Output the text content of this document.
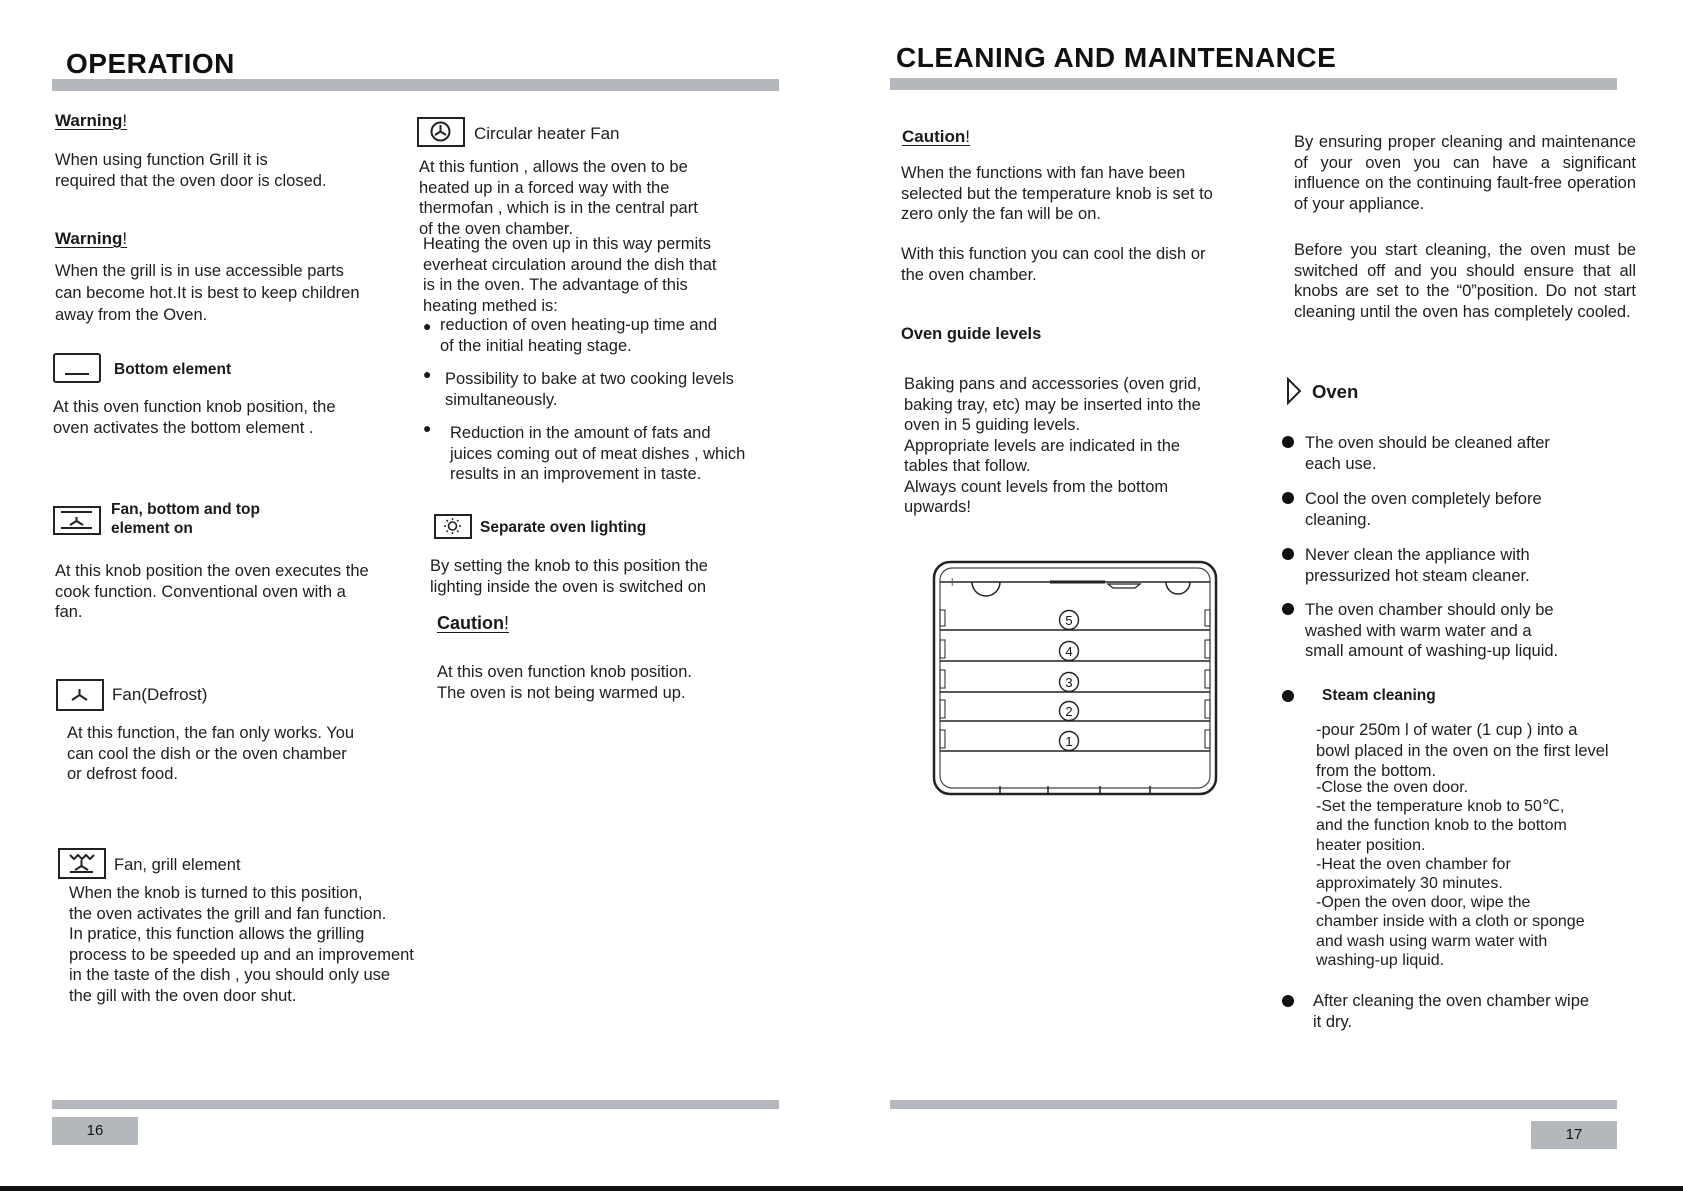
OPERATION
Warning!
When using function Grill it is
required that the oven door is closed.
Warning!
When the grill is in use accessible parts
can become hot.It is best to keep children
away from the Oven.
Bottom element
At this oven function knob position, the
oven activates the bottom element .
Fan, bottom and top
element on
At this knob position the oven executes the
cook function. Conventional oven with a
fan.
Fan(Defrost)
At this function, the fan only works. You
can cool the dish or the oven chamber
or defrost food.
Fan, grill element
When the knob is turned to this position,
the oven activates the grill and fan function.
In pratice, this function allows the grilling
process to be speeded up and an improvement
in the taste of the dish , you should only use
the gill with the oven door shut.
Circular heater Fan
At this funtion , allows the oven to be
heated up in a forced way with the
thermofan , which is in the central part
of the oven chamber.
Heating the oven up in this way permits
everheat circulation around the dish that
is in the oven. The advantage of this
heating methed is:
● reduction of oven heating-up time and
of the initial heating stage.
● Possibility to bake at two cooking levels
simultaneously.
● Reduction in the amount of fats and
juices coming out of meat dishes , which
results in an improvement in taste.
Separate oven lighting
By setting the knob to this position the
lighting inside the oven is switched on
Caution!
At this oven function knob position.
The oven is not being warmed up.
16
CLEANING AND MAINTENANCE
Caution!
When the functions with fan have been
selected but the temperature knob is set to
zero only the fan will be on.
With this function you can cool the dish or
the oven chamber.
Oven guide levels
Baking pans and accessories (oven grid,
baking tray, etc) may be inserted into the
oven in 5 guiding levels.
Appropriate levels are indicated in the
tables that follow.
Always count levels from the bottom
upwards!
⊹
5
4
3
2
1
By ensuring proper cleaning and maintenance of your oven you can have a significant influence on the continuing fault-free operation of your appliance.
Before you start cleaning, the oven must be switched off and you should ensure that all knobs are set to the “0”position. Do not start cleaning until the oven has completely cooled.
Oven
The oven should be cleaned after
each use.
Cool the oven completely before
cleaning.
Never clean the appliance with
pressurized hot steam cleaner.
The oven chamber should only be
washed with warm water and a
small amount of washing-up liquid.
Steam cleaning
-pour 250m l of water (1 cup ) into a
bowl placed in the oven on the first level
from the bottom.
-Close the oven door.
-Set the temperature knob to 50℃,
and the function knob to the bottom
heater position.
-Heat the oven chamber for
approximately 30 minutes.
-Open the oven door, wipe the
chamber inside with a cloth or sponge
and wash using warm water with
washing-up liquid.
After cleaning the oven chamber wipe
it dry.
17
